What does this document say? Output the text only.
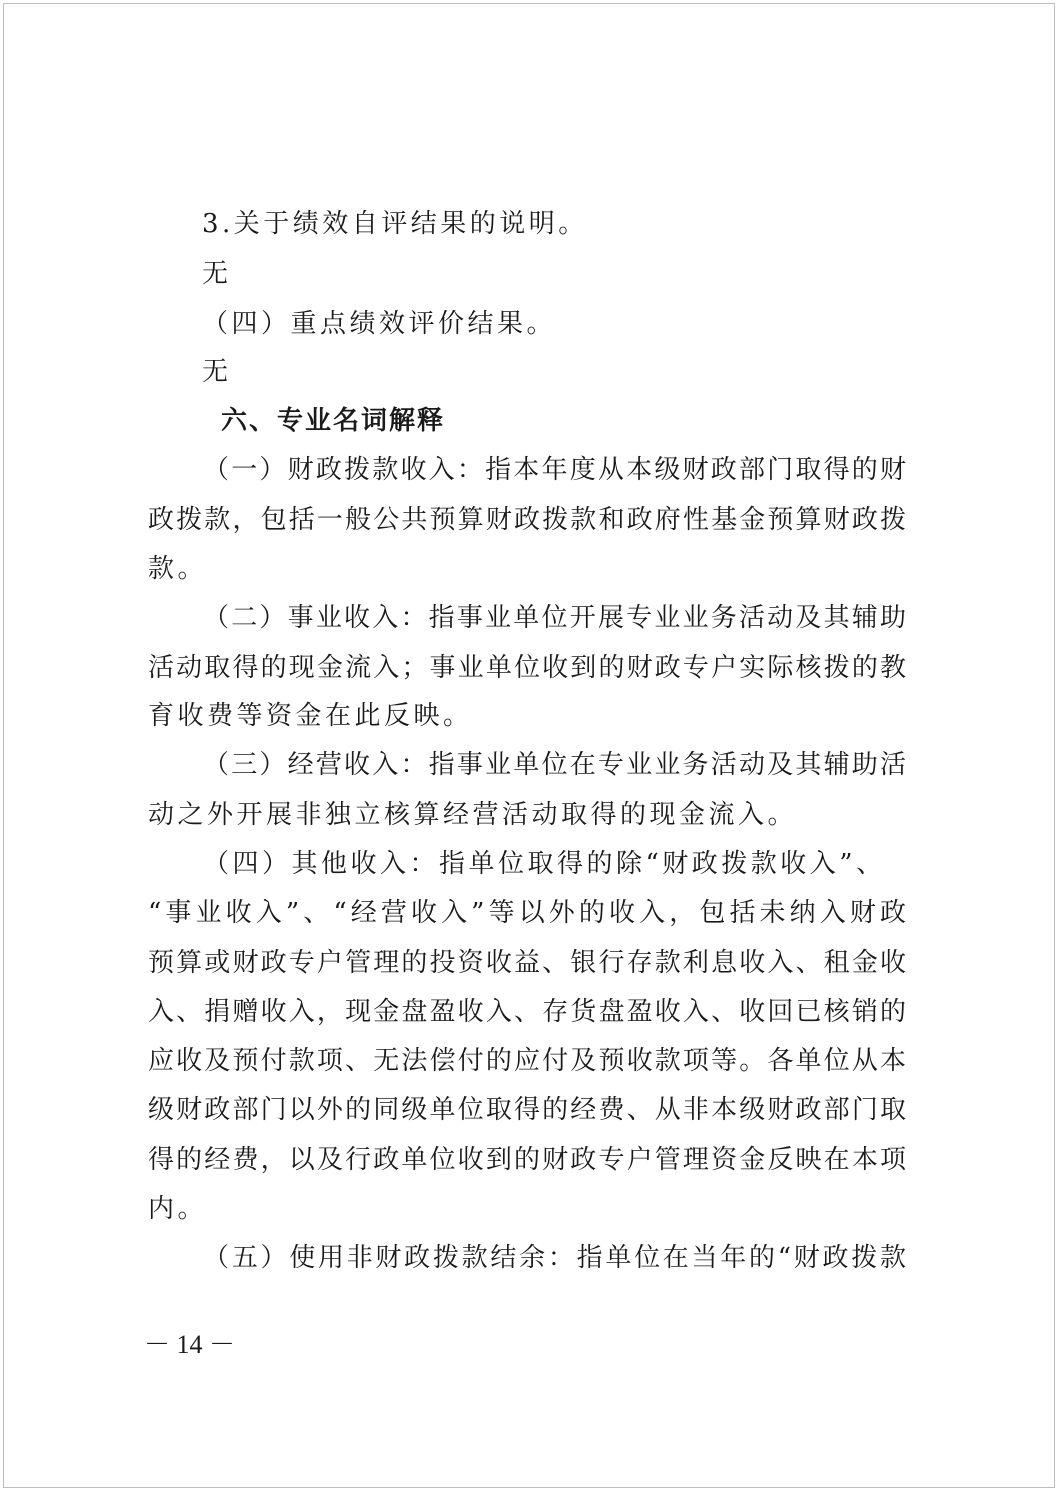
3.关于绩效自评结果的说明。
无
（四）重点绩效评价结果。
无
六、专业名词解释
（一）财政拨款收入：指本年度从本级财政部门取得的财
政拨款，包括一般公共预算财政拨款和政府性基金预算财政拨
款。
（二）事业收入：指事业单位开展专业业务活动及其辅助
活动取得的现金流入；事业单位收到的财政专户实际核拨的教
育收费等资金在此反映。
（三）经营收入：指事业单位在专业业务活动及其辅助活
动之外开展非独立核算经营活动取得的现金流入。
（四）其他收入：指单位取得的除“财政拨款收入”、
“事业收入”、“经营收入”等以外的收入，包括未纳入财政
预算或财政专户管理的投资收益、银行存款利息收入、租金收
入、捐赠收入，现金盘盈收入、存货盘盈收入、收回已核销的
应收及预付款项、无法偿付的应付及预收款项等。各单位从本
级财政部门以外的同级单位取得的经费、从非本级财政部门取
得的经费，以及行政单位收到的财政专户管理资金反映在本项
内。
（五）使用非财政拨款结余：指单位在当年的“财政拨款
－ 14 －
